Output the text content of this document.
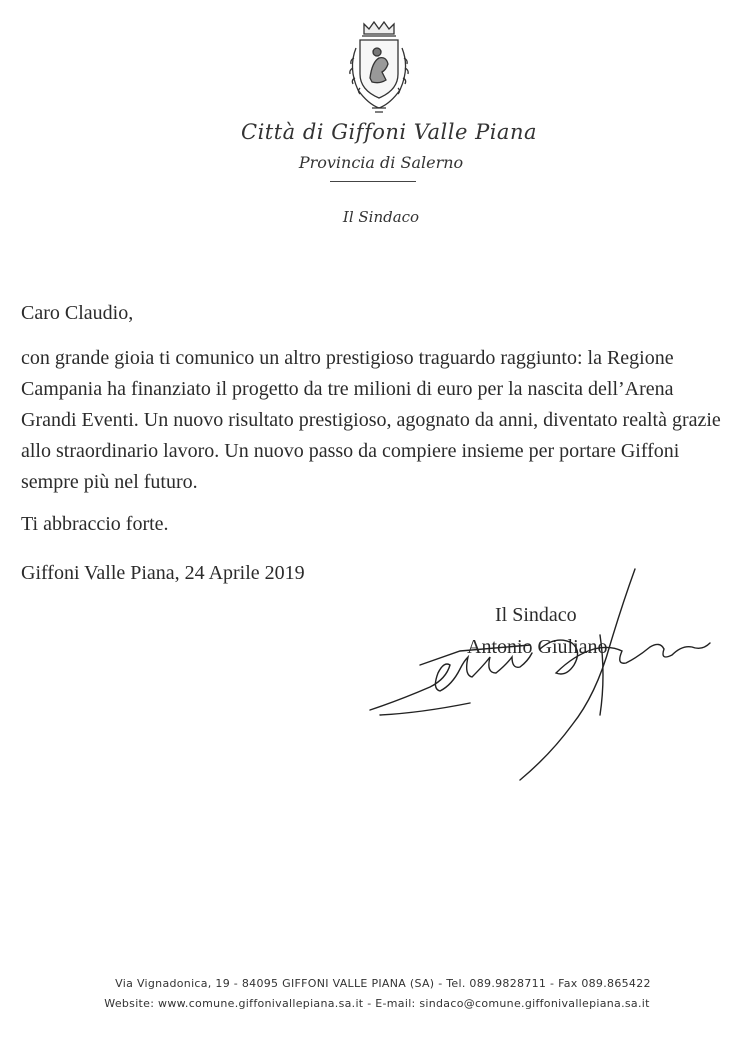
Città di Giffoni Valle Piana
Provincia di Salerno
Il Sindaco
Caro Claudio,
con grande gioia ti comunico un altro prestigioso traguardo raggiunto: la Regione Campania ha finanziato il progetto da tre milioni di euro per la nascita dell’Arena Grandi Eventi. Un nuovo risultato prestigioso, agognato da anni, diventato realtà grazie allo straordinario lavoro. Un nuovo passo da compiere insieme per portare Giffoni sempre più nel futuro.
Ti abbraccio forte.
Giffoni Valle Piana, 24 Aprile 2019
Il Sindaco
Antonio Giuliano
Via Vignadonica, 19 - 84095 GIFFONI VALLE PIANA (SA) - Tel. 089.9828711 - Fax 089.865422
Website: www.comune.giffonivallepiana.sa.it - E-mail: sindaco@comune.giffonivallepiana.sa.it
